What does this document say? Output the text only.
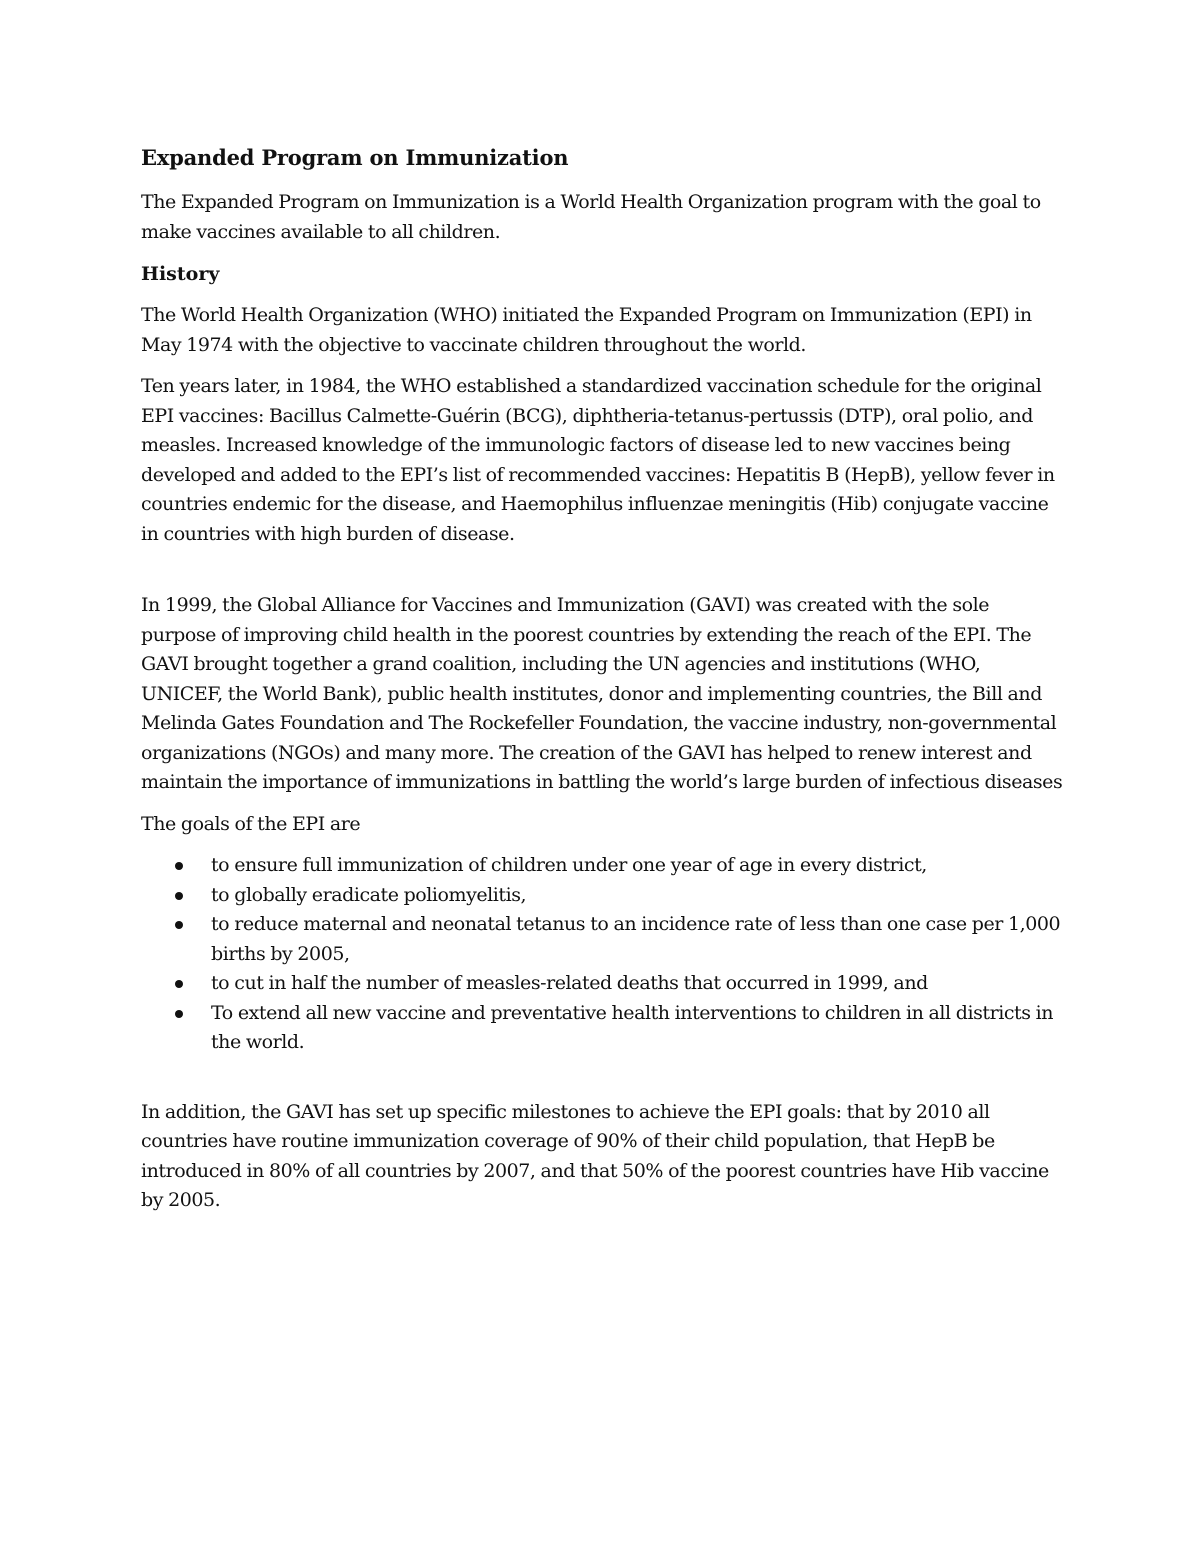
Expanded Program on Immunization

The Expanded Program on Immunization is a World Health Organization program with the goal to make vaccines available to all children.

History

The World Health Organization (WHO) initiated the Expanded Program on Immunization (EPI) in May 1974 with the objective to vaccinate children throughout the world.

Ten years later, in 1984, the WHO established a standardized vaccination schedule for the original EPI vaccines: Bacillus Calmette-Guérin (BCG), diphtheria-tetanus-pertussis (DTP), oral polio, and measles. Increased knowledge of the immunologic factors of disease led to new vaccines being developed and added to the EPI’s list of recommended vaccines: Hepatitis B (HepB), yellow fever in countries endemic for the disease, and Haemophilus influenzae meningitis (Hib) conjugate vaccine in countries with high burden of disease.

In 1999, the Global Alliance for Vaccines and Immunization (GAVI) was created with the sole purpose of improving child health in the poorest countries by extending the reach of the EPI. The GAVI brought together a grand coalition, including the UN agencies and institutions (WHO, UNICEF, the World Bank), public health institutes, donor and implementing countries, the Bill and Melinda Gates Foundation and The Rockefeller Foundation, the vaccine industry, non-governmental organizations (NGOs) and many more. The creation of the GAVI has helped to renew interest and maintain the importance of immunizations in battling the world’s large burden of infectious diseases

The goals of the EPI are

to ensure full immunization of children under one year of age in every district,
to globally eradicate poliomyelitis,
to reduce maternal and neonatal tetanus to an incidence rate of less than one case per 1,000 births by 2005,
to cut in half the number of measles-related deaths that occurred in 1999, and
To extend all new vaccine and preventative health interventions to children in all districts in the world.

In addition, the GAVI has set up specific milestones to achieve the EPI goals: that by 2010 all countries have routine immunization coverage of 90% of their child population, that HepB be introduced in 80% of all countries by 2007, and that 50% of the poorest countries have Hib vaccine by 2005.
